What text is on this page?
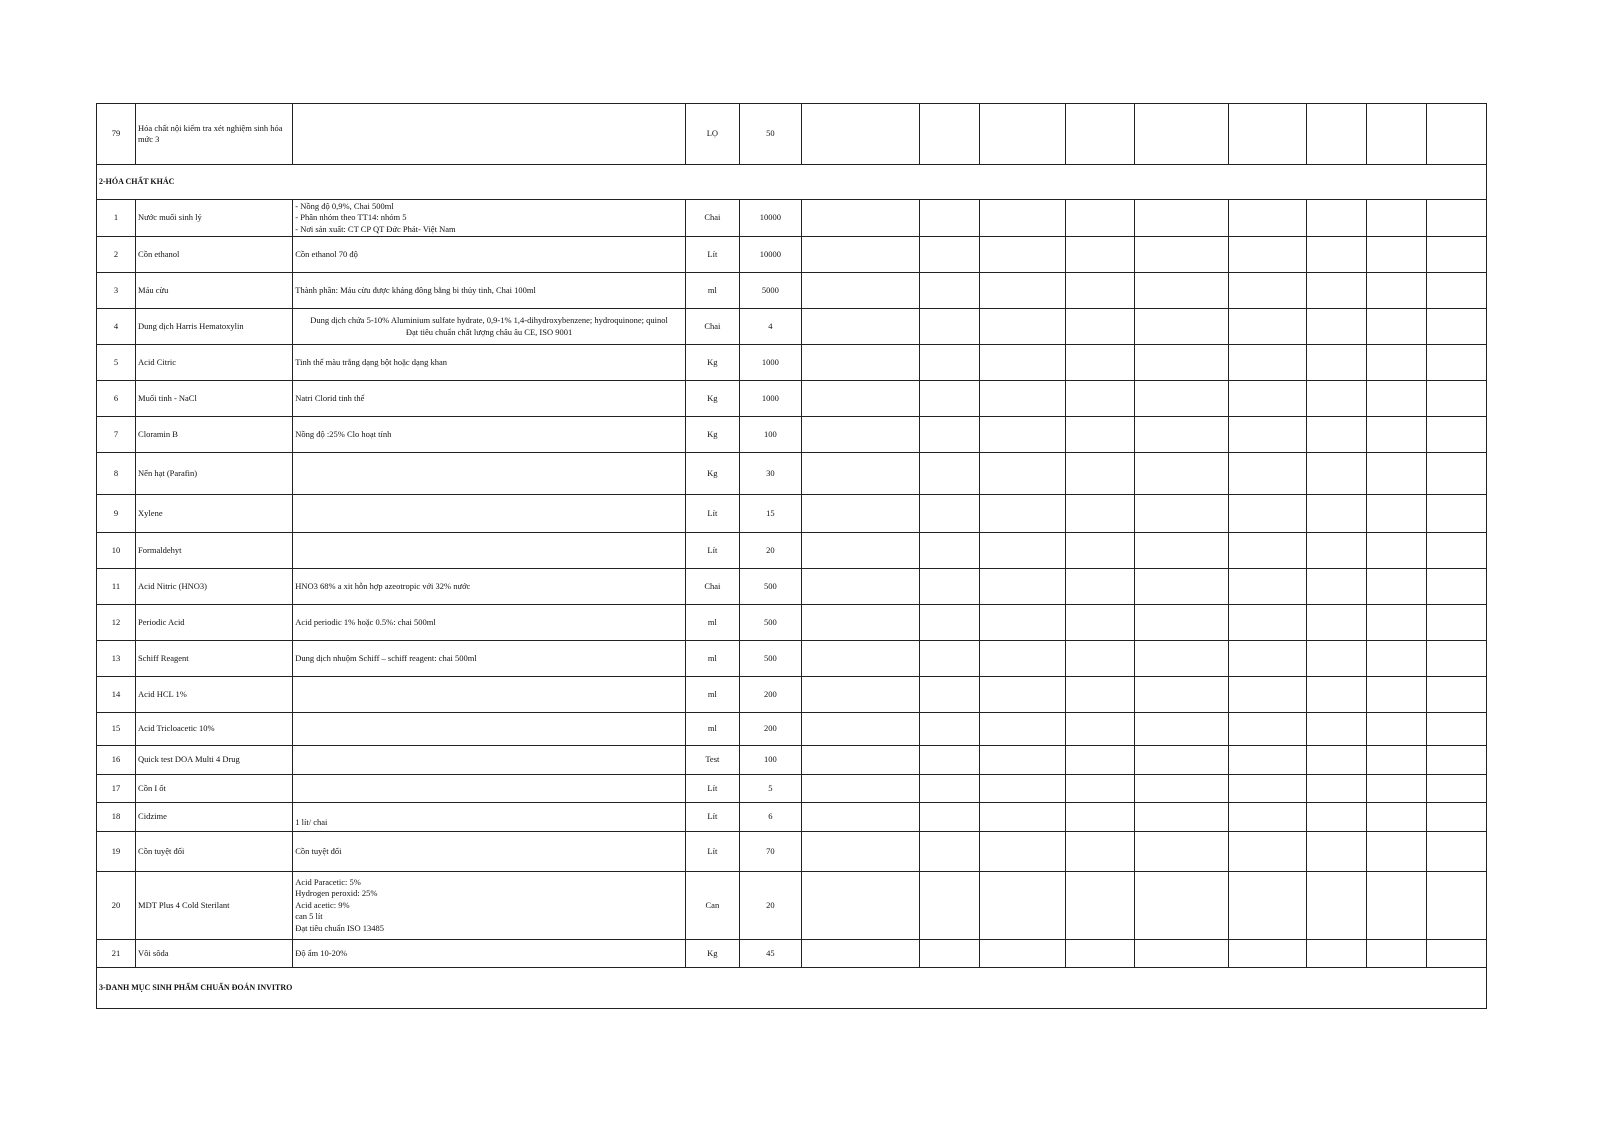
79	Hóa chất nội kiểm tra xét nghiệm sinh hóa mức 3		LỌ	50									
2-HÓA CHẤT KHÁC													
1	Nước muối sinh lý	- Nồng độ 0,9%, Chai 500ml
- Phân nhóm theo TT14: nhóm 5
- Nơi sản xuất: CT CP QT Đức Phát- Việt Nam	Chai	10000									
2	Cồn ethanol	Cồn ethanol 70 độ	Lít	10000									
3	Máu cừu	Thành phần: Máu cừu được kháng đông bằng bi thủy tinh, Chai 100ml	ml	5000									
4	Dung dịch Harris Hematoxylin	Dung dịch chứa 5-10% Aluminium sulfate hydrate, 0,9-1% 1,4-dihydroxybenzene; hydroquinone; quinol
Đạt tiêu chuẩn chất lượng châu âu CE, ISO 9001	Chai	4									
5	Acid Citric	Tinh thể màu trắng dạng bột hoặc dạng khan	Kg	1000									
6	Muối tinh - NaCl	Natri Clorid tinh thể	Kg	1000									
7	Cloramin B	Nồng độ :25% Clo hoạt tính	Kg	100									
8	Nến hạt (Parafin)		Kg	30									
9	Xylene		Lít	15									
10	Formaldehyt		Lít	20									
11	Acid Nitric (HNO3)	HNO3 68% a xit hỗn hợp azeotropic với 32% nước	Chai	500									
12	Periodic Acid	Acid periodic 1% hoặc 0.5%: chai 500ml	ml	500									
13	Schiff Reagent	Dung dịch nhuộm Schiff – schiff reagent: chai 500ml	ml	500									
14	Acid HCL 1%		ml	200									
15	Acid Tricloacetic 10%		ml	200									
16	Quick test DOA Multi 4 Drug		Test	100									
17	Cồn I ốt		Lít	5									
18	Cidzime	
1 lít/ chai	Lít	6									
19	Cồn tuyệt đối	Cồn tuyệt đối	Lít	70									
20	MDT Plus 4 Cold Sterilant	Acid Paracetic: 5%
Hydrogen peroxid: 25%
Acid acetic: 9%
can 5 lít
Đạt tiêu chuẩn ISO 13485	Can	20									
21	Vôi sôda	Độ ẩm 10-20%	Kg	45									
3-DANH MỤC SINH PHẨM CHUẨN ĐOÁN INVITRO													
